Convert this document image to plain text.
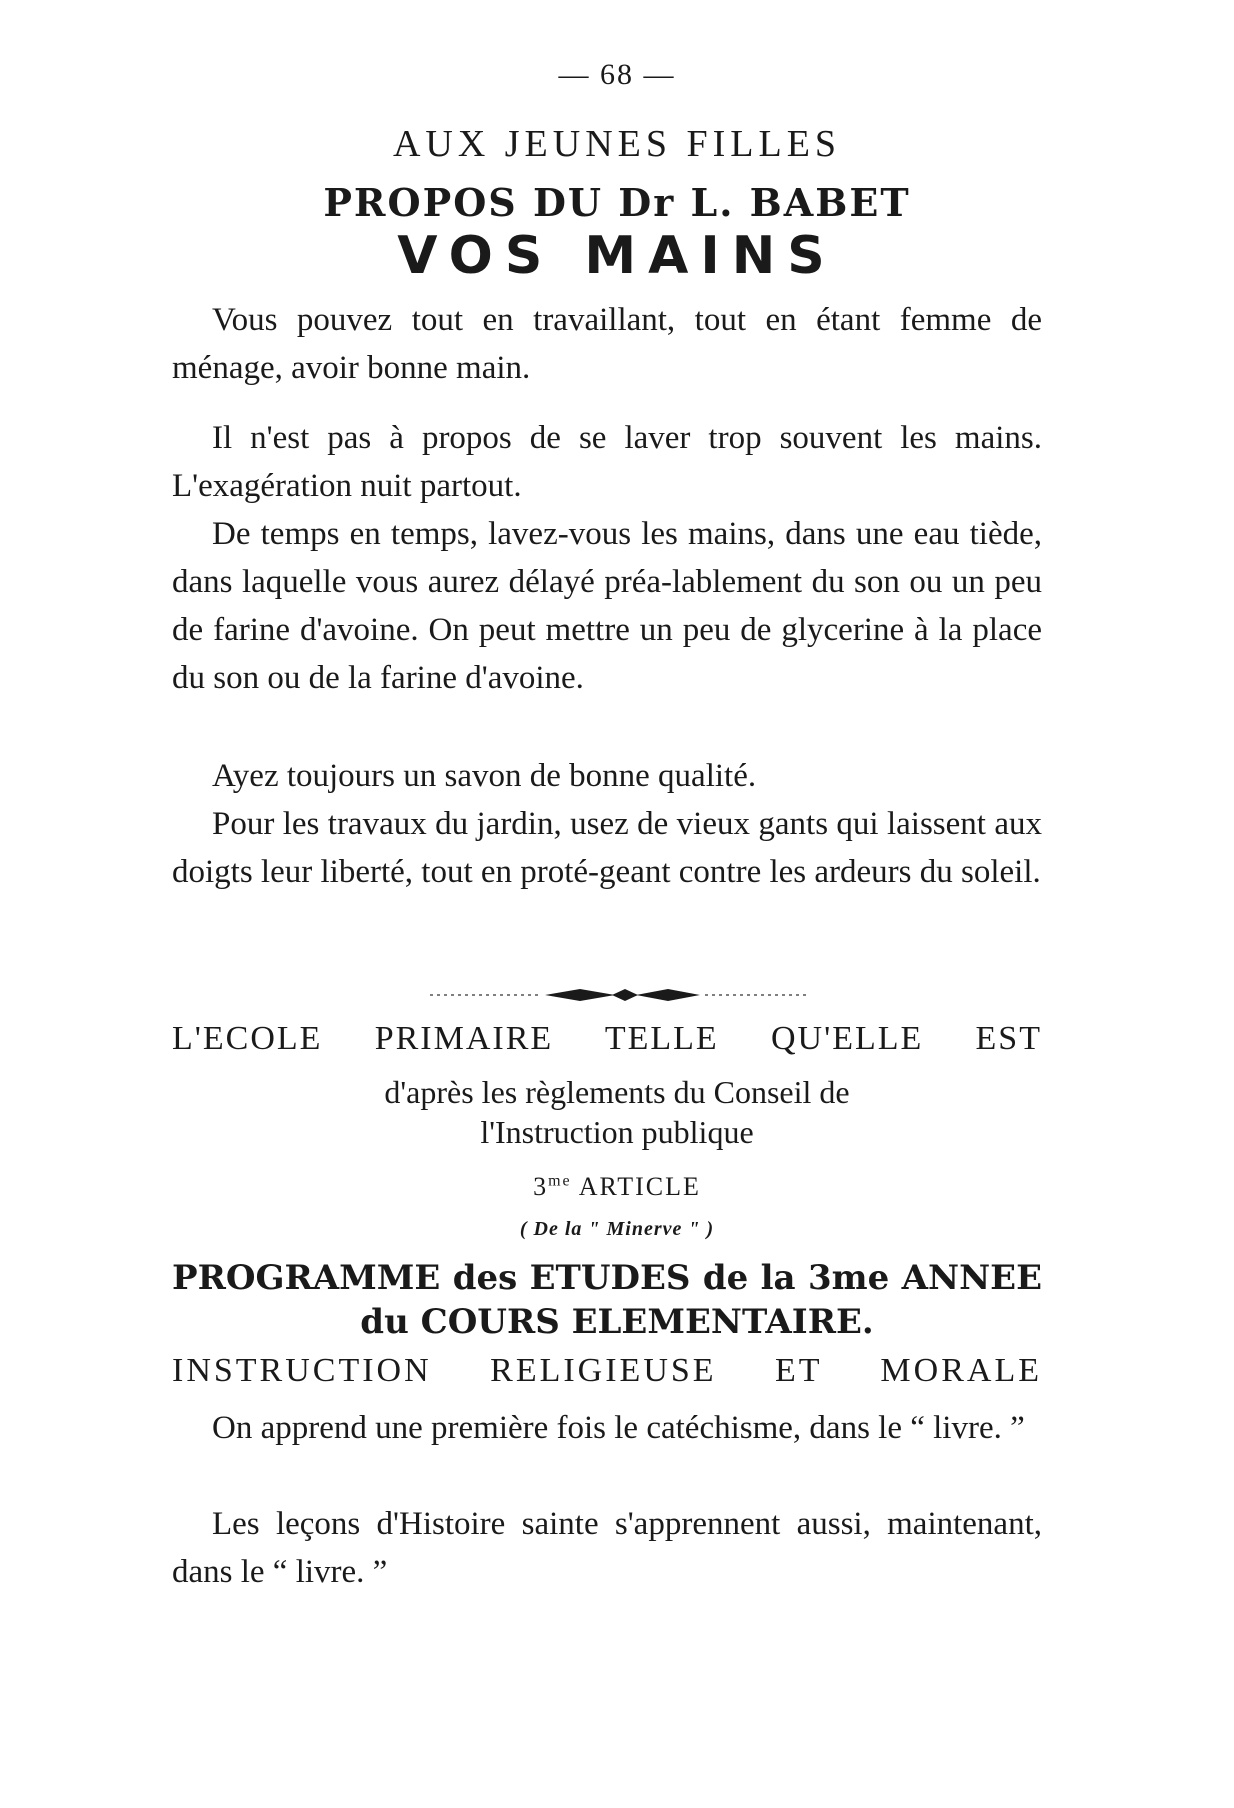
— 68 —
AUX JEUNES FILLES
PROPOS DU Dr L. BABET
VOS MAINS

Vous pouvez tout en travaillant, tout en étant femme de ménage, avoir bonne main.

Il n'est pas à propos de se laver trop souvent les mains. L'exagération nuit partout.

De temps en temps, lavez-vous les mains, dans une eau tiède, dans laquelle vous aurez délayé préa-lablement du son ou un peu de farine d'avoine. On peut mettre un peu de glycerine à la place du son ou de la farine d'avoine.

Ayez toujours un savon de bonne qualité.

Pour les travaux du jardin, usez de vieux gants qui laissent aux doigts leur liberté, tout en proté-geant contre les ardeurs du soleil.

L'ECOLE PRIMAIRE TELLE QU'ELLE EST
d'après les règlements du Conseil de
l'Instruction publique
$3^{me}$ ARTICLE
( De la " Minerve " )
PROGRAMME des ETUDES de la 3me ANNEE
du COURS ELEMENTAIRE.
INSTRUCTION RELIGIEUSE ET MORALE

On apprend une première fois le catéchisme, dans le “ livre. ”

Les leçons d'Histoire sainte s'apprennent aussi, maintenant, dans le “ livre. ”
